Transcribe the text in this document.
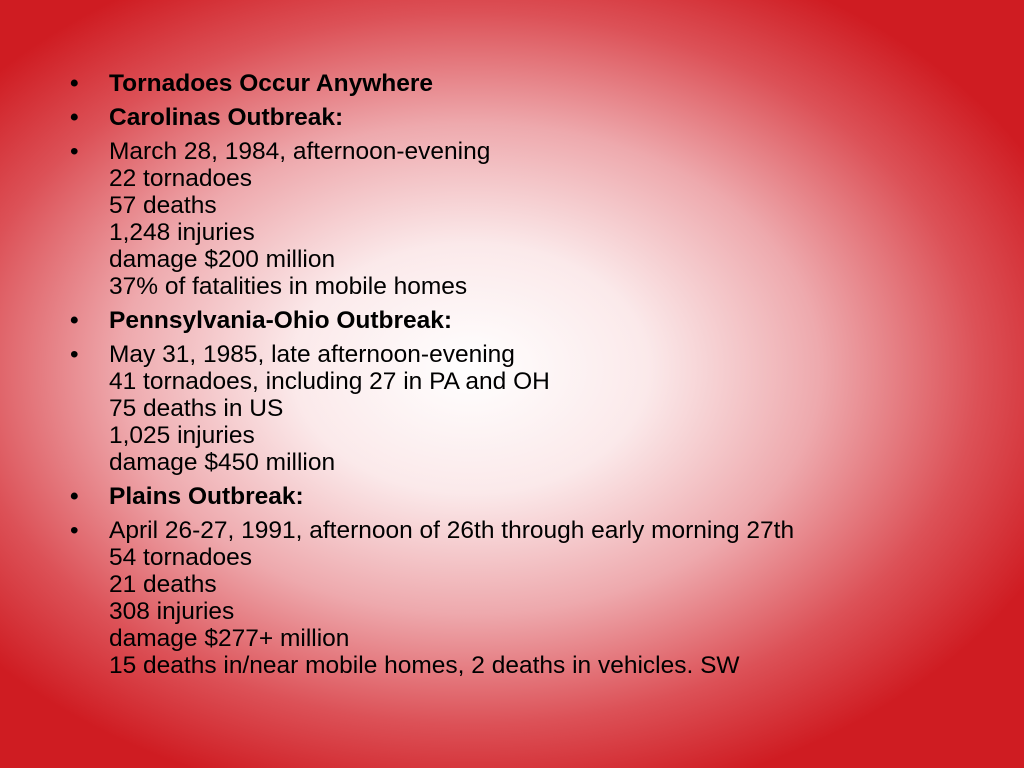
• Tornadoes Occur Anywhere
• Carolinas Outbreak:
• March 28, 1984, afternoon-evening
22 tornadoes
57 deaths
1,248 injuries
damage $200 million
37% of fatalities in mobile homes
• Pennsylvania-Ohio Outbreak:
• May 31, 1985, late afternoon-evening
41 tornadoes, including 27 in PA and OH
75 deaths in US
1,025 injuries
damage $450 million
• Plains Outbreak:
• April 26-27, 1991, afternoon of 26th through early morning 27th
54 tornadoes
21 deaths
308 injuries
damage $277+ million
15 deaths in/near mobile homes, 2 deaths in vehicles. SW
